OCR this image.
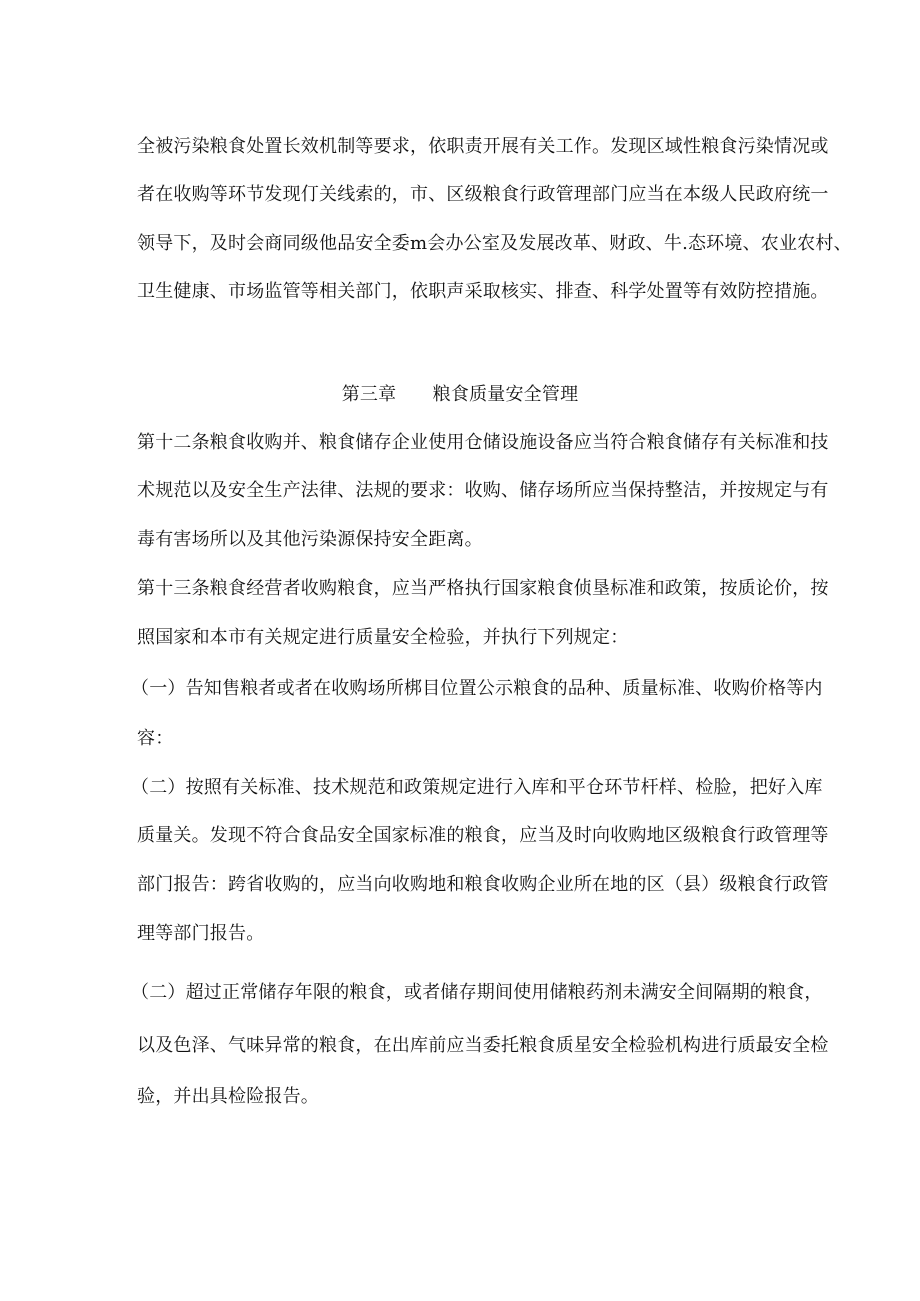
全被污染粮食处置长效机制等要求，依职责开展有关工作。发现区域性粮食污染情况或
者在收购等环节发现仃关线索的，市、区级粮食行政管理部门应当在本级人民政府统一
领导下，及时会商同级他品安全委m会办公室及发展改革、财政、牛.态环境、农业农村、
卫生健康、市场监管等相关部门，依职声采取核实、排查、科学处置等有效防控措施。
第三章　　粮食质量安全管理
第十二条粮食收购并、粮食储存企业使用仓储设施设备应当符合粮食储存有关标准和技
术规范以及安全生产法律、法规的要求：收购、储存场所应当保持整洁，并按规定与有
毒有害场所以及其他污染源保持安全距离。
第十三条粮食经营者收购粮食，应当严格执行国家粮食侦垦标准和政策，按质论价，按
照国家和本市有关规定进行质量安全检验，并执行下列规定：
（一）告知售粮者或者在收购场所梆目位置公示粮食的品种、质量标准、收购价格等内
容：
（二）按照有关标准、技术规范和政策规定进行入库和平仓环节杆样、检脸，把好入库
质量关。发现不符合食品安全国家标准的粮食，应当及时向收购地区级粮食行政管理等
部门报告：跨省收购的，应当向收购地和粮食收购企业所在地的区（县）级粮食行政管
理等部门报告。
（二）超过正常储存年限的粮食，或者储存期间使用储粮药剂未满安全间隔期的粮食，
以及色泽、气味异常的粮食，在出库前应当委托粮食质星安全检验机构进行质最安全检
验，并出具检险报告。
